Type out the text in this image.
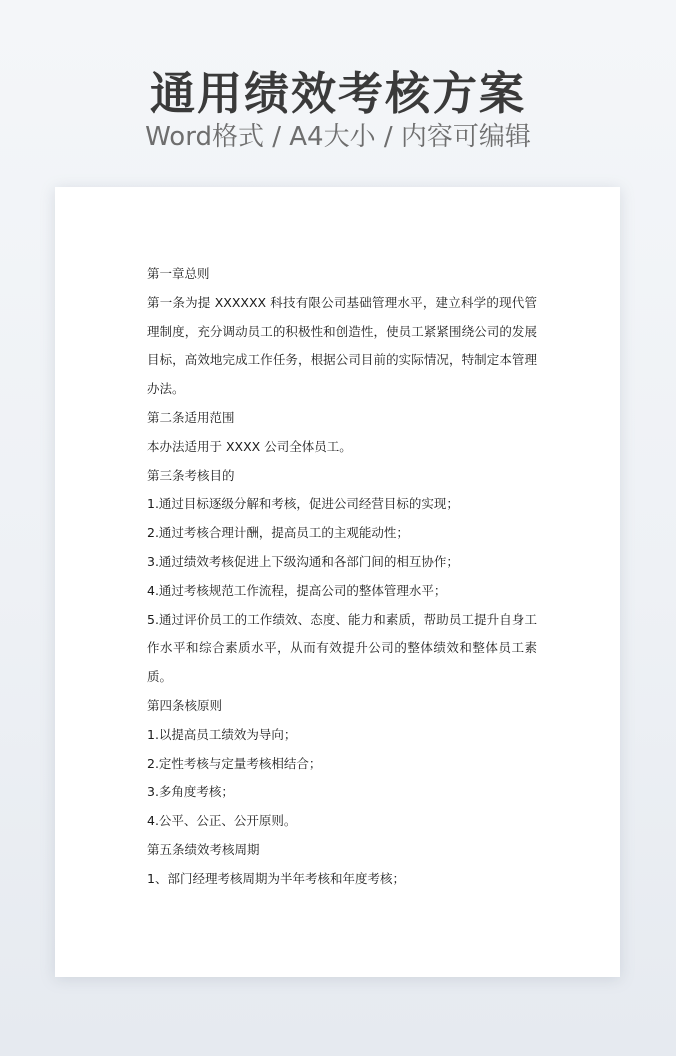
通用绩效考核方案
Word格式 / A4大小 / 内容可编辑

第一章总则

第一条为提 XXXXXX 科技有限公司基础管理水平，建立科学的现代管理制度，充分调动员工的积极性和创造性，使员工紧紧围绕公司的发展目标，高效地完成工作任务，根据公司目前的实际情况，特制定本管理办法。

第二条适用范围

本办法适用于 XXXX 公司全体员工。

第三条考核目的

1.通过目标逐级分解和考核，促进公司经营目标的实现；

2.通过考核合理计酬，提高员工的主观能动性；

3.通过绩效考核促进上下级沟通和各部门间的相互协作；

4.通过考核规范工作流程，提高公司的整体管理水平；

5.通过评价员工的工作绩效、态度、能力和素质，帮助员工提升自身工作水平和综合素质水平，从而有效提升公司的整体绩效和整体员工素质。

第四条核原则

1.以提高员工绩效为导向；

2.定性考核与定量考核相结合；

3.多角度考核；

4.公平、公正、公开原则。

第五条绩效考核周期

1、部门经理考核周期为半年考核和年度考核；
